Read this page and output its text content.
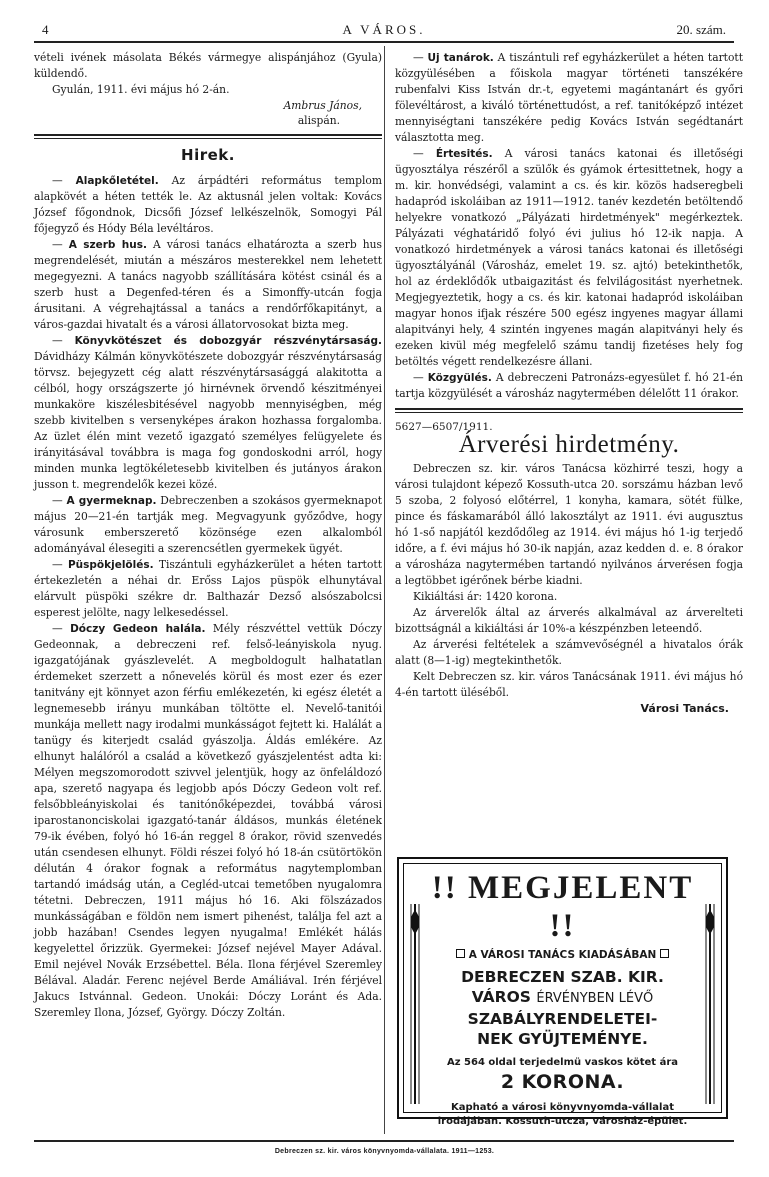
4	A VÁROS.	20. szám.

vételi ivének másolata Békés vármegye alispánjához (Gyula) küldendő.

Gyulán, 1911. évi május hó 2-án.

Ambrus János,
alispán.
Hirek.

— Alapkőletétel. Az árpádtéri református templom alapkövét a héten tették le. Az aktusnál jelen voltak: Kovács József főgondnok, Dicsőfi József lelkészelnök, Somogyi Pál főjegyző és Hódy Béla levéltáros.

— A szerb hus. A városi tanács elhatározta a szerb hus megrendelését, miután a mészáros mesterekkel nem lehetett megegyezni. A tanács nagyobb szállítására kötést csinál és a szerb hust a Degenfed-téren és a Simonffy-utcán fogja árusitani. A végrehajtással a tanács a rendőrfőkapitányt, a város-gazdai hivatalt és a városi állatorvosokat bizta meg.

— Könyvkötészet és dobozgyár részvénytársaság. Dávidházy Kálmán könyvkötészete dobozgyár részvénytársaság törvsz. bejegyzett cég alatt részvénytársasággá alakitotta a célból, hogy országszerte jó hirnévnek örvendő készitményei munkaköre kiszélesbitésével nagyobb mennyiségben, még szebb kivitelben s versenyképes árakon hozhassa forgalomba. Az üzlet élén mint vezető igazgató személyes felügyelete és irányitásával továbbra is maga fog gondoskodni arról, hogy minden munka legtökéletesebb kivitelben és jutányos árakon jusson t. megrendelők kezei közé.

— A gyermeknap. Debreczenben a szokásos gyermeknapot május 20—21-én tartják meg. Megvagyunk győződve, hogy városunk emberszerető közönsége ezen alkalomból adományával élesegiti a szerencsétlen gyermekek ügyét.

— Püspökjelölés. Tiszántuli egyházkerület a héten tartott értekezletén a néhai dr. Erőss Lajos püspök elhunytával elárvult püspöki székre dr. Balthazár Dezső alsószabolcsi esperest jelölte, nagy lelkesedéssel.

— Dóczy Gedeon halála. Mély részvéttel vettük Dóczy Gedeonnak, a debreczeni ref. felső-leányiskola nyug. igazgatójának gyászlevelét. A megboldogult halhatatlan érdemeket szerzett a nőnevelés körül és most ezer és ezer tanitvány ejt könnyet azon férfiu emlékezetén, ki egész életét a legnemesebb irányu munkában töltötte el. Nevelő-tanitói munkája mellett nagy irodalmi munkásságot fejtett ki. Halálát a tanügy és kiterjedt család gyászolja. Áldás emlékére. Az elhunyt halálóról a család a következő gyászjelentést adta ki: Mélyen megszomorodott szivvel jelentjük, hogy az önfeláldozó apa, szerető nagyapa és legjobb após Dóczy Gedeon volt ref. felsőbbleányiskolai és tanitónőképezdei, továbbá városi iparostanonciskolai igazgató-tanár áldásos, munkás életének 79-ik évében, folyó hó 16-án reggel 8 órakor, rövid szenvedés után csendesen elhunyt. Földi részei folyó hó 18-án csütörtökön délután 4 órakor fognak a református nagytemplomban tartandó imádság után, a Cegléd-utcai temetőben nyugalomra tétetni. Debreczen, 1911 május hó 16. Aki fölszázados munkásságában e földön nem ismert pihenést, találja fel azt a jobb hazában! Csendes legyen nyugalma! Emlékét hálás kegyelettel őrizzük. Gyermekei: József nejével Mayer Adával. Emil nejével Novák Erzsébettel. Béla. Ilona férjével Szeremley Bélával. Aladár. Ferenc nejével Berde Amáliával. Irén férjével Jakucs Istvánnal. Gedeon. Unokái: Dóczy Loránt és Ada. Szeremley Ilona, József, György. Dóczy Zoltán.

— Uj tanárok. A tiszántuli ref egyházkerület a héten tartott közgyülésében a főiskola magyar történeti tanszékére rubenfalvi Kiss István dr.-t, egyetemi magántanárt és győri fölevéltárost, a kiváló történettudóst, a ref. tanitóképző intézet mennyiségtani tanszékére pedig Kovács István segédtanárt választotta meg.

— Értesités. A városi tanács katonai és illetőségi ügyosztálya részéről a szülők és gyámok értesittetnek, hogy a m. kir. honvédségi, valamint a cs. és kir. közös hadseregbeli hadapród iskoláiban az 1911—1912. tanév kezdetén betöltendő helyekre vonatkozó „Pályázati hirdetmények" megérkeztek. Pályázati véghatáridő folyó évi julius hó 12-ik napja. A vonatkozó hirdetmények a városi tanács katonai és illetőségi ügyosztályánál (Városház, emelet 19. sz. ajtó) betekinthetők, hol az érdeklődők utbaigazitást és felvilágositást nyerhetnek. Megjegyeztetik, hogy a cs. és kir. katonai hadapród iskoláiban magyar honos ifjak részére 500 egész ingyenes magyar állami alapitványi hely, 4 szintén ingyenes magán alapitványi hely és ezeken kivül még megfelelő számu tandij fizetéses hely fog betöltés végett rendelkezésre állani.

— Közgyülés. A debreczeni Patronázs-egyesület f. hó 21-én tartja közgyülését a városház nagytermében délelőtt 11 órakor.

5627—6507/1911.
Árverési hirdetmény.

Debreczen sz. kir. város Tanácsa közhirré teszi, hogy a városi tulajdont képező Kossuth-utca 20. sorszámu házban levő 5 szoba, 2 folyosó előtérrel, 1 konyha, kamara, sötét fülke, pince és fáskamarából álló lakosztályt az 1911. évi augusztus hó 1-ső napjától kezdődőleg az 1914. évi május hó 1-ig terjedő időre, a f. évi május hó 30-ik napján, azaz kedden d. e. 8 órakor a városháza nagytermében tartandó nyilvános árverésen fogja a legtöbbet igérőnek bérbe kiadni.

Kikiáltási ár: 1420 korona.

Az árverelők által az árverés alkalmával az árverelteti bizottságnál a kikiáltási ár 10%-a készpénzben leteendő.

Az árverési feltételek a számvevőségnél a hivatalos órák alatt (8—1-ig) megtekinthetők.

Kelt Debreczen sz. kir. város Tanácsának 1911. évi május hó 4-én tartott üléséből.

Városi Tanács.
!! MEGJELENT !!
A VÁROSI TANÁCS KIADÁSÁBAN
DEBRECZEN SZAB. KIR.
VÁROS ÉRVÉNYBEN LÉVŐ
SZABÁLYRENDELETEI-
NEK GYÜJTEMÉNYE.
Az 564 oldal terjedelmü vaskos kötet ára
2 KORONA.
Kapható a városi könyvnyomda-vállalat irodájában. Kossuth-utcza, városház-épület.
Debreczen sz. kir. város könyvnyomda-vállalata. 1911—1253.
